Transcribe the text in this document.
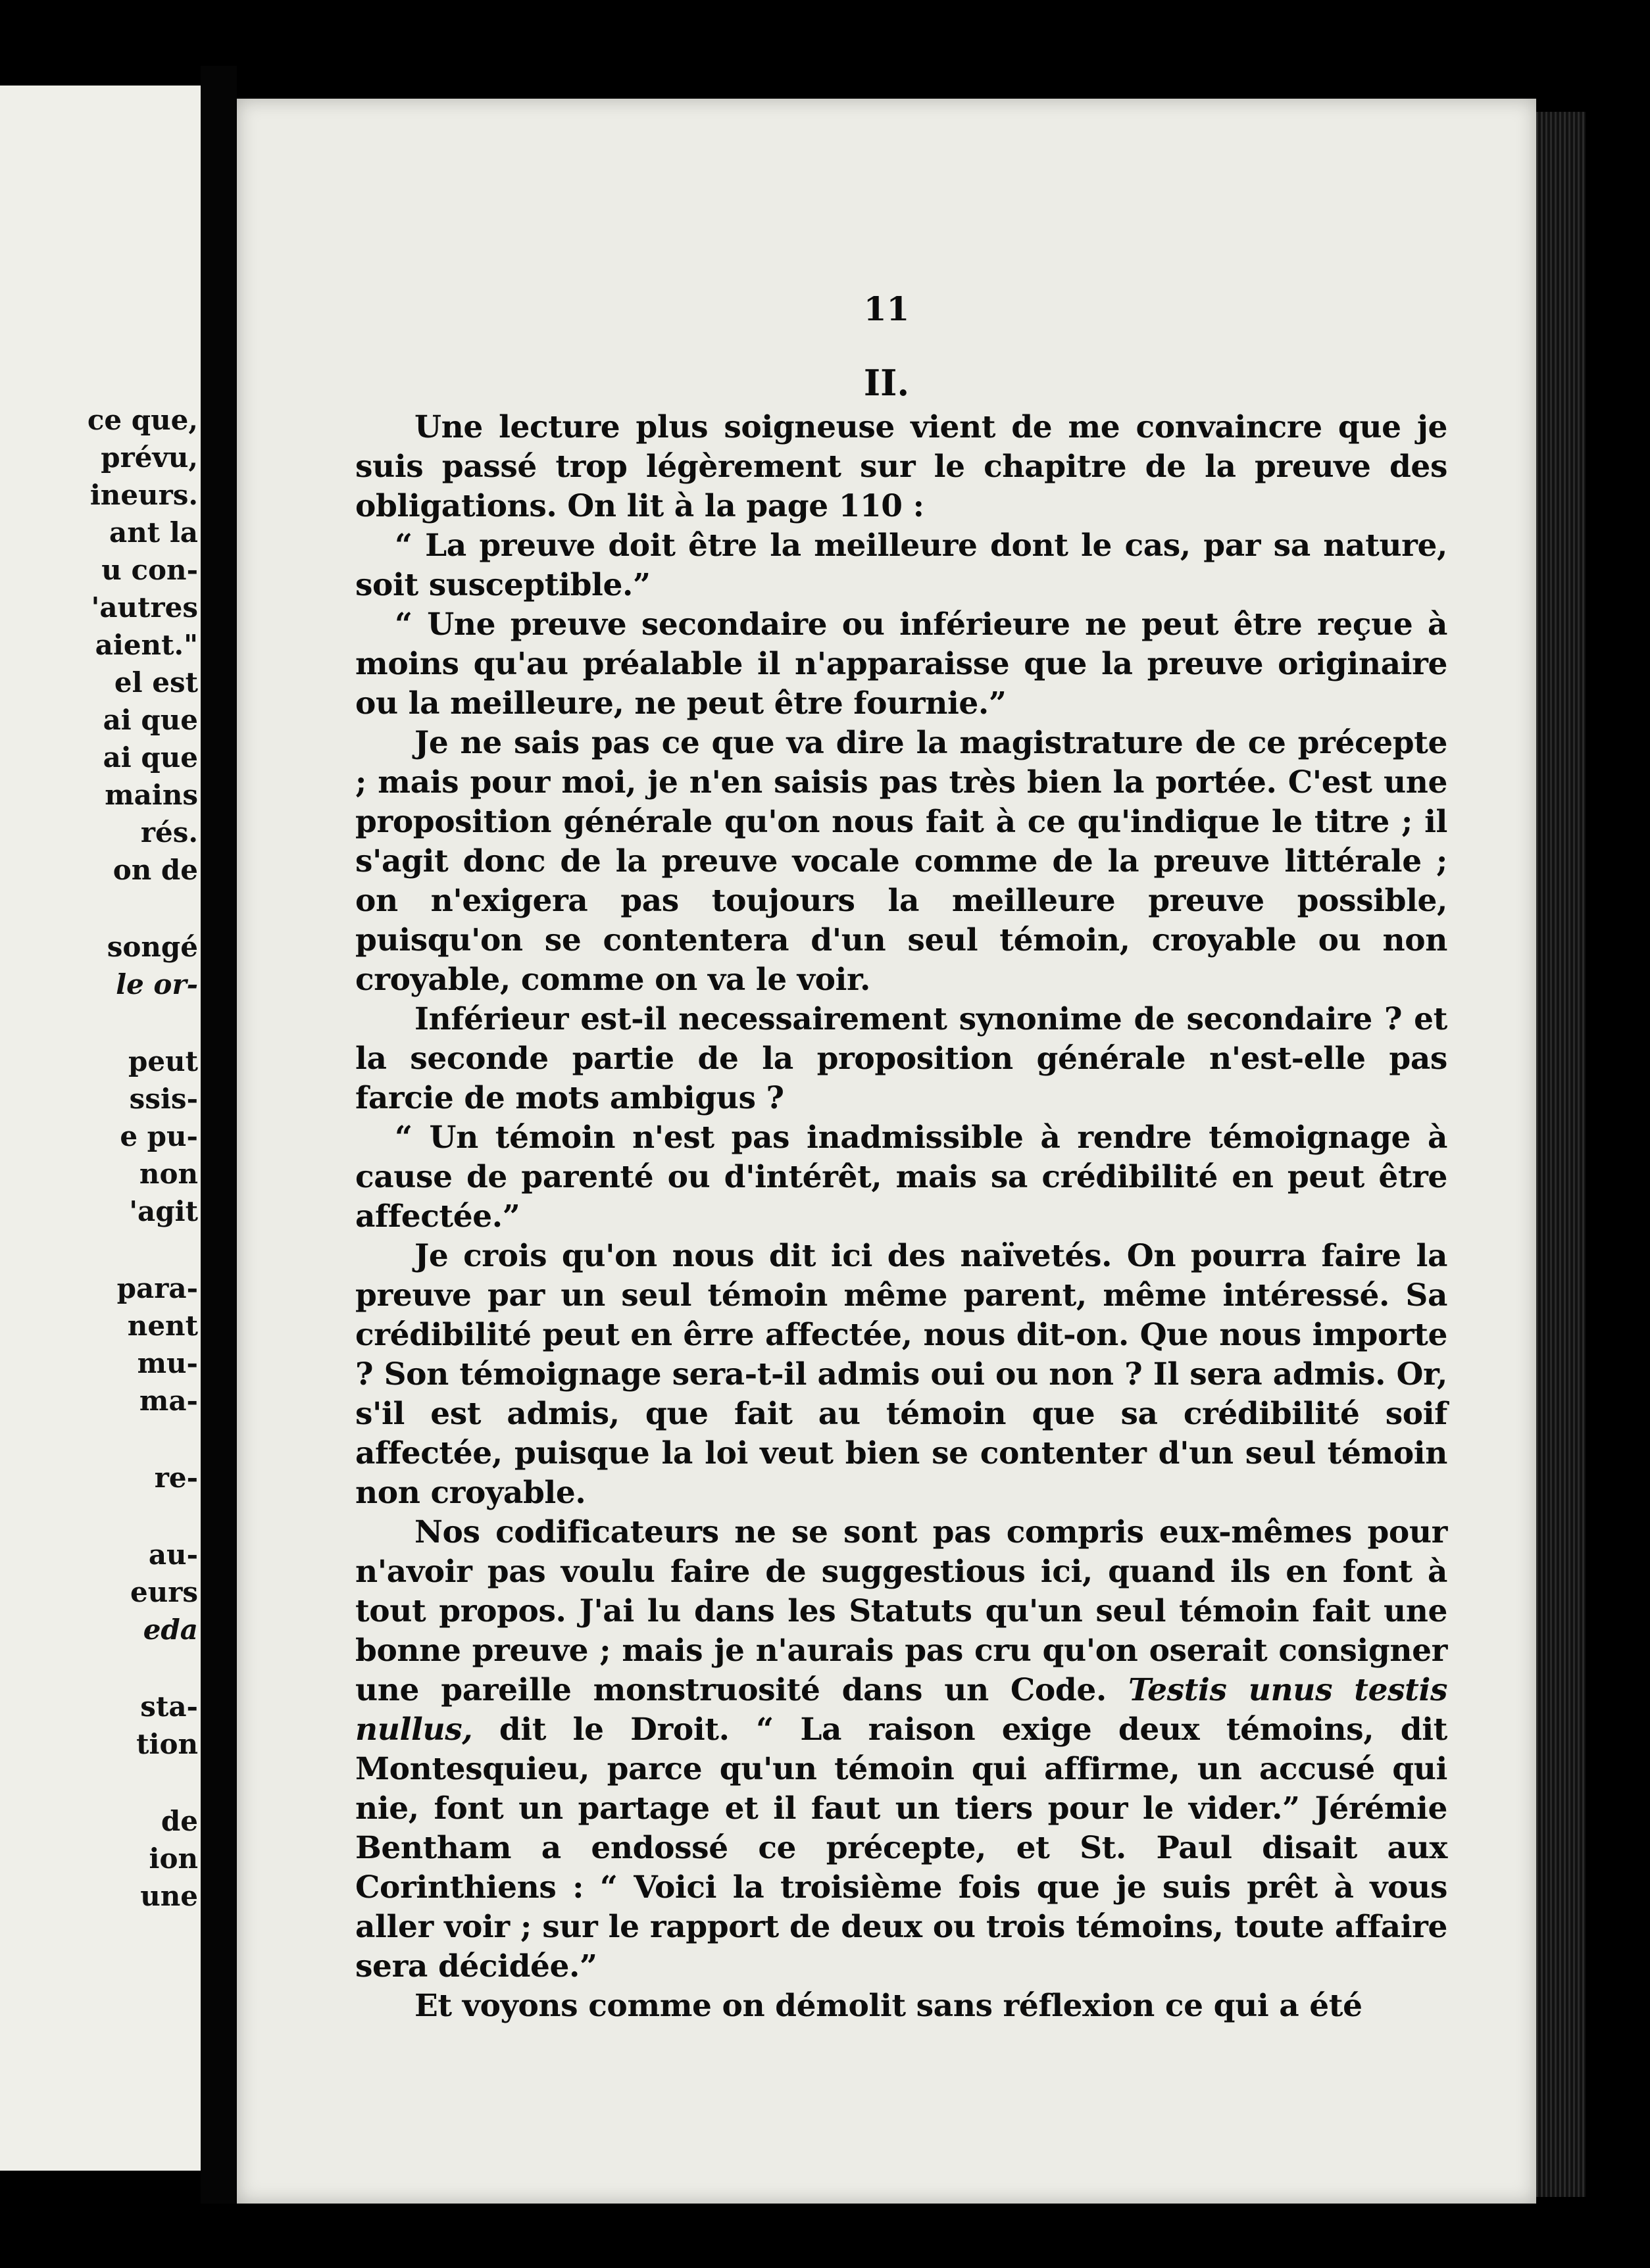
ce que,
prévu,
ineurs.
ant la
u con-
'autres
aient."
el est
ai que
ai que
mains
rés.
on de
songé
le or-
peut
ssis-
e pu-
non
'agit
para-
nent
mu-
ma-
re-
au-
eurs
eda
sta-
tion
de
ion
une
11
II.

Une lecture plus soigneuse vient de me convaincre que je suis passé trop légèrement sur le chapitre de la preuve des obligations. On lit à la page 110 :

“ La preuve doit être la meilleure dont le cas, par sa nature, soit susceptible.”

“ Une preuve secondaire ou inférieure ne peut être reçue à moins qu'au préalable il n'apparaisse que la preuve originaire ou la meilleure, ne peut être fournie.”

Je ne sais pas ce que va dire la magistrature de ce précepte ; mais pour moi, je n'en saisis pas très bien la portée. C'est une proposition générale qu'on nous fait à ce qu'indique le titre ; il s'agit donc de la preuve vocale comme de la preuve littérale ; on n'exigera pas toujours la meilleure preuve possible, puisqu'on se contentera d'un seul témoin, croyable ou non croyable, comme on va le voir.

Inférieur est-il necessairement synonime de secondaire ? et la seconde partie de la proposition générale n'est-elle pas farcie de mots ambigus ?

“ Un témoin n'est pas inadmissible à rendre témoignage à cause de parenté ou d'intérêt, mais sa crédibilité en peut être affectée.”

Je crois qu'on nous dit ici des naïvetés. On pourra faire la preuve par un seul témoin même parent, même intéressé. Sa crédibilité peut en êrre affectée, nous dit-on. Que nous importe ? Son témoignage sera-t-il admis oui ou non ? Il sera admis. Or, s'il est admis, que fait au témoin que sa crédibilité soif affectée, puisque la loi veut bien se contenter d'un seul témoin non croyable.

Nos codificateurs ne se sont pas compris eux-mêmes pour n'avoir pas voulu faire de suggestious ici, quand ils en font à tout propos. J'ai lu dans les Statuts qu'un seul témoin fait une bonne preuve ; mais je n'aurais pas cru qu'on oserait consigner une pareille monstruosité dans un Code. Testis unus testis nullus, dit le Droit. “ La raison exige deux témoins, dit Montesquieu, parce qu'un témoin qui affirme, un accusé qui nie, font un partage et il faut un tiers pour le vider.” Jérémie Bentham a endossé ce précepte, et St. Paul disait aux Corinthiens : “ Voici la troisième fois que je suis prêt à vous aller voir ; sur le rapport de deux ou trois témoins, toute affaire sera décidée.”

Et voyons comme on démolit sans réflexion ce qui a été
